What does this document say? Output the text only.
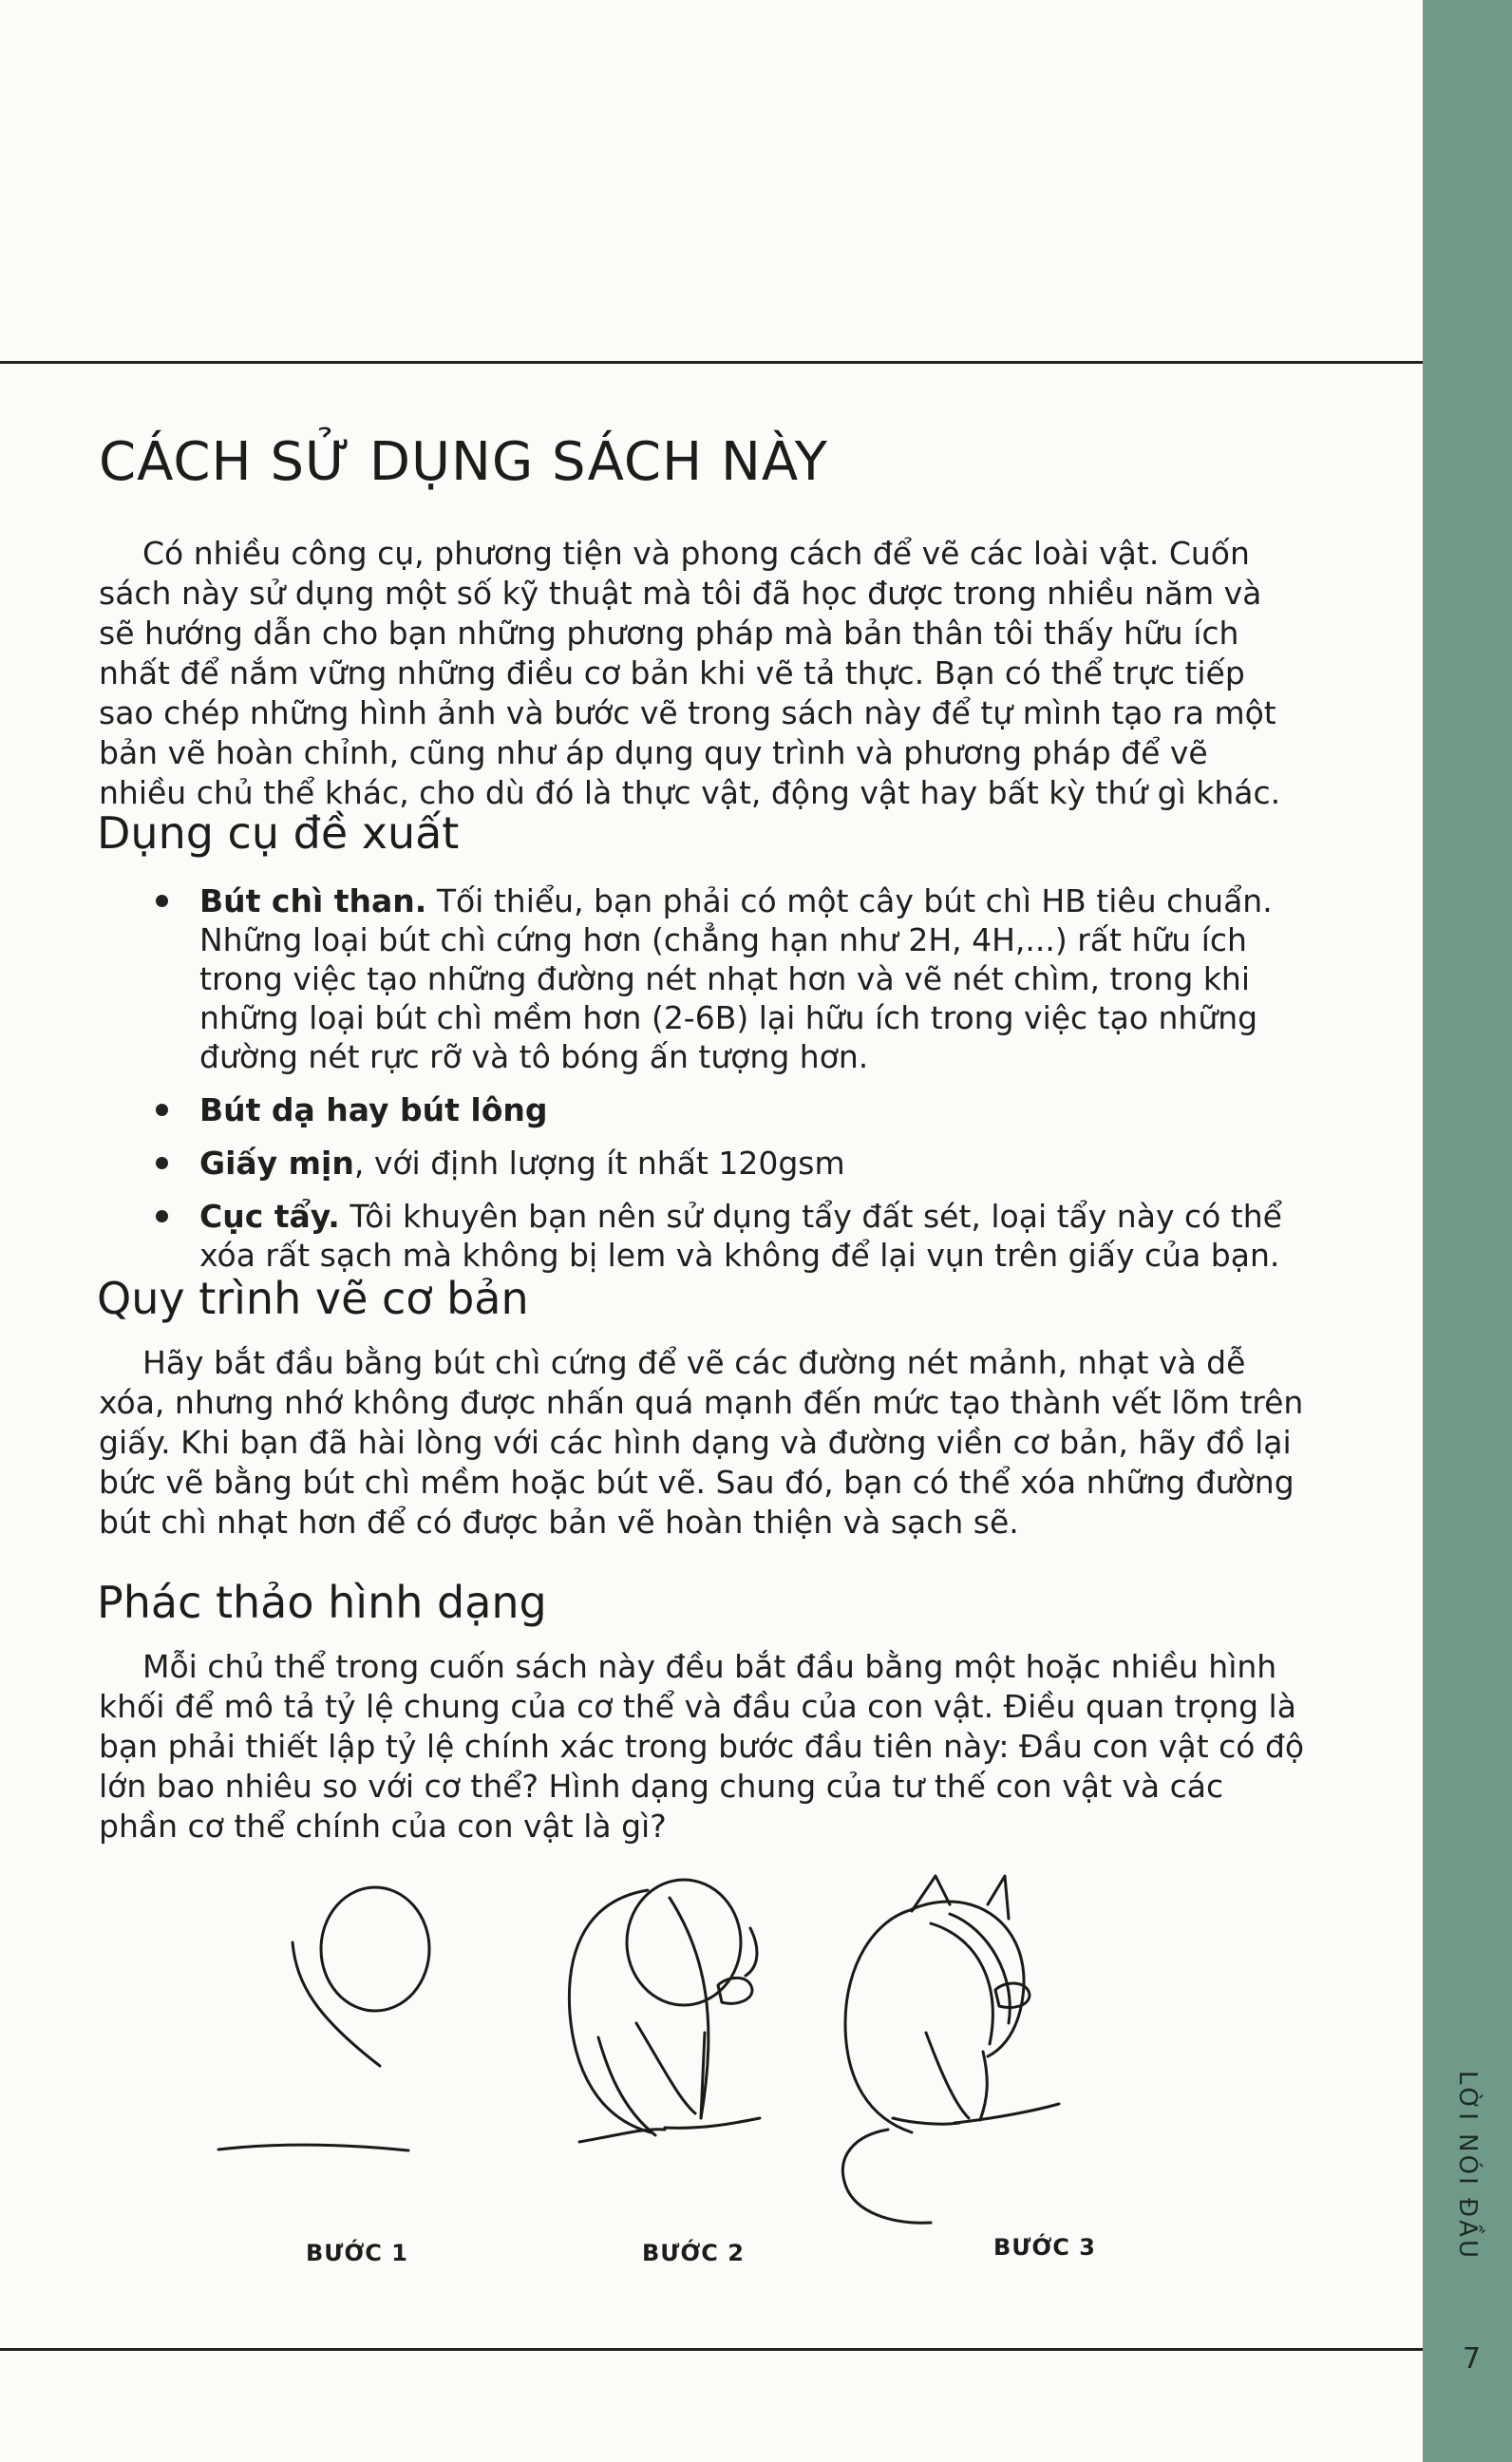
CÁCH SỬ DỤNG SÁCH NÀY

Có nhiều công cụ, phương tiện và phong cách để vẽ các loài vật. Cuốn sách này sử dụng một số kỹ thuật mà tôi đã học được trong nhiều năm và sẽ hướng dẫn cho bạn những phương pháp mà bản thân tôi thấy hữu ích nhất để nắm vững những điều cơ bản khi vẽ tả thực. Bạn có thể trực tiếp sao chép những hình ảnh và bước vẽ trong sách này để tự mình tạo ra một bản vẽ hoàn chỉnh, cũng như áp dụng quy trình và phương pháp để vẽ nhiều chủ thể khác, cho dù đó là thực vật, động vật hay bất kỳ thứ gì khác.

Dụng cụ đề xuất
Bút chì than. Tối thiểu, bạn phải có một cây bút chì HB tiêu chuẩn. Những loại bút chì cứng hơn (chẳng hạn như 2H, 4H,...) rất hữu ích trong việc tạo những đường nét nhạt hơn và vẽ nét chìm, trong khi những loại bút chì mềm hơn (2-6B) lại hữu ích trong việc tạo những đường nét rực rỡ và tô bóng ấn tượng hơn.
Bút dạ hay bút lông
Giấy mịn, với định lượng ít nhất 120gsm
Cục tẩy. Tôi khuyên bạn nên sử dụng tẩy đất sét, loại tẩy này có thể xóa rất sạch mà không bị lem và không để lại vụn trên giấy của bạn.
Quy trình vẽ cơ bản

Hãy bắt đầu bằng bút chì cứng để vẽ các đường nét mảnh, nhạt và dễ xóa, nhưng nhớ không được nhấn quá mạnh đến mức tạo thành vết lõm trên giấy. Khi bạn đã hài lòng với các hình dạng và đường viền cơ bản, hãy đồ lại bức vẽ bằng bút chì mềm hoặc bút vẽ. Sau đó, bạn có thể xóa những đường bút chì nhạt hơn để có được bản vẽ hoàn thiện và sạch sẽ.

Phác thảo hình dạng

Mỗi chủ thể trong cuốn sách này đều bắt đầu bằng một hoặc nhiều hình khối để mô tả tỷ lệ chung của cơ thể và đầu của con vật. Điều quan trọng là bạn phải thiết lập tỷ lệ chính xác trong bước đầu tiên này: Đầu con vật có độ lớn bao nhiêu so với cơ thể? Hình dạng chung của tư thế con vật và các phần cơ thể chính của con vật là gì?

BƯỚC 1	BƯỚC 2	BƯỚC 3	LỜI NÓI ĐẦU
7
